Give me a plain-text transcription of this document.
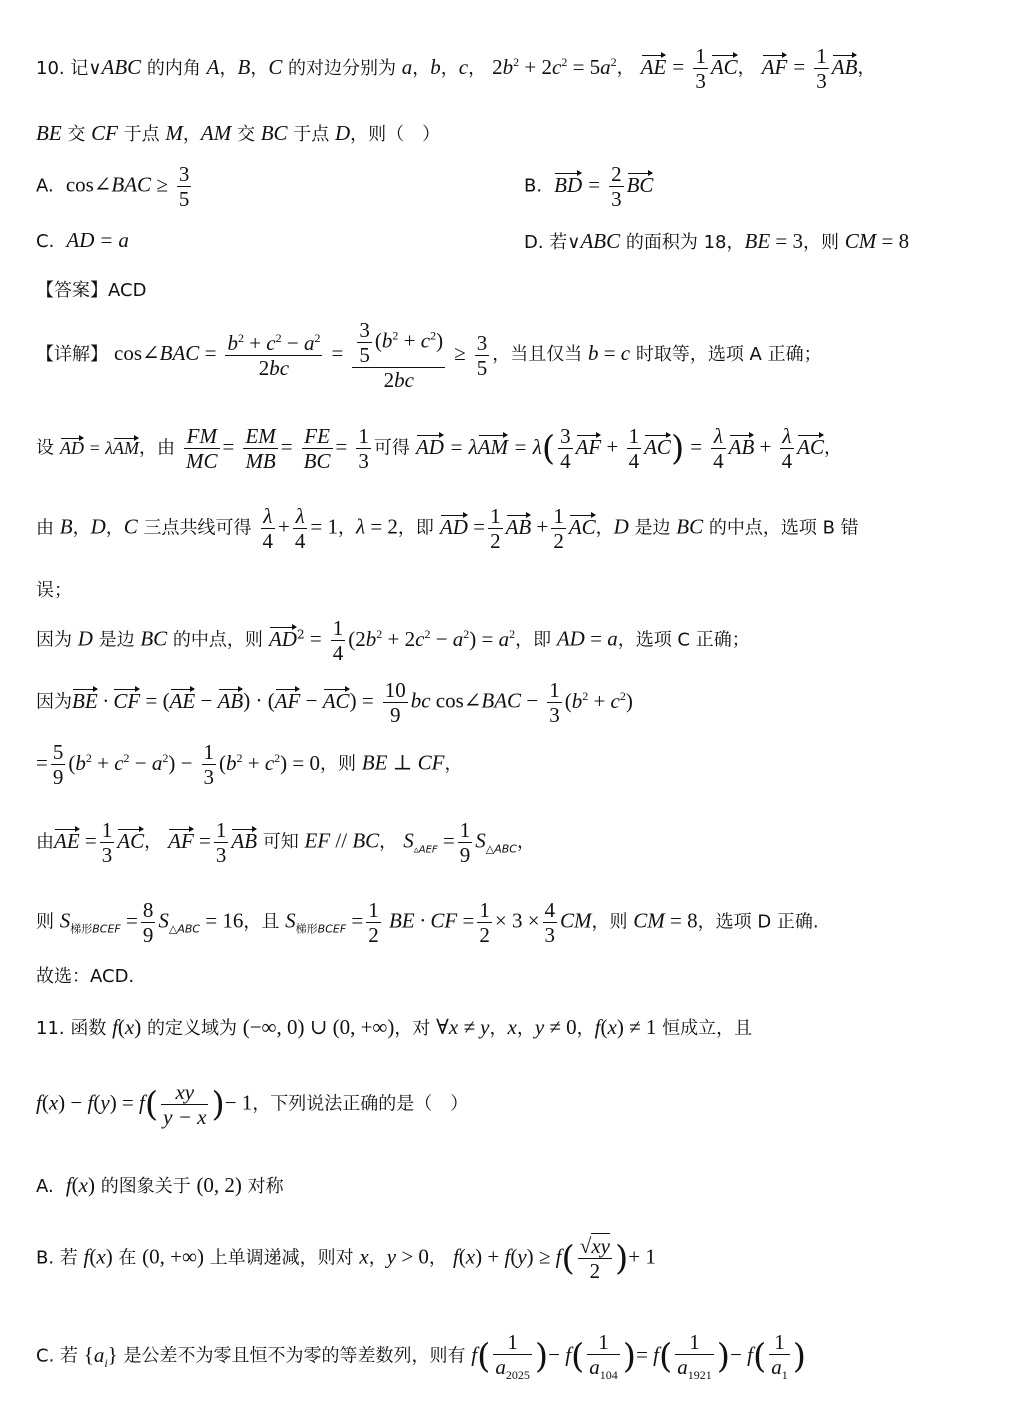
10. 记∨ABC 的内角 A，B，C 的对边分别为 a，b，c， $2b^2 + 2c^2 = 5a^2$， AE = $\frac{1}{3}$ AC， AF = $\frac{1}{3}$ AB，
BE 交 CF 于点 M，AM 交 BC 于点 D，则（　）
A. cos∠BAC ≥ $\frac{3}{5}$	B. BD = $\frac{2}{3}$ BC
C. AD = a	D. 若∨ABC 的面积为 18，BE = 3，则 CM = 8
【答案】ACD
【详解】 cos∠BAC = $\frac{b^2 + c^2 - a^2}{2bc} = \frac{\frac{3}{5} (b^2 + c^2)}{2bc} \ge \frac{3}{5}$ ，当且仅当 b = c 时取等，选项 A 正确；
设 AD = λAM，由 $\frac{FM}{MC} = \frac{EM}{MB} = \frac{FE}{BC} = \frac{1}{3}$ 可得 AD = $\lambda AM = \lambda( \frac{3}{4}$ AF + $\frac{1}{4} AC) = \frac{\lambda}{4}$ AB + $\frac{\lambda}{4}$ AC，
由 B，D，C 三点共线可得 $\frac{\lambda}{4} + \frac{\lambda}{4} = 1$，λ = 2，即 AD = $\frac{1}{2}$ AB + $\frac{1}{2}$ AC，D 是边 BC 的中点，选项 B 错
误；
因为 D 是边 BC 的中点，则 $AD^2 = \frac{1}{4} (2b^2 + 2c^2 - a^2) = a^2$，即 AD = a，选项 C 正确；
因为BE · CF = $(AE - AB) \cdot (AF - AC) = \frac{10}{9}$ bc cos∠BAC − $\frac{1}{3} (b^2 + c^2)$
= $\frac{5}{9} (b^2 + c^2 - a^2) - \frac{1}{3} (b^2 + c^2) = 0$，则 BE ⊥ CF，
由AE = $\frac{1}{3}$ AC， AF = $\frac{1}{3}$ AB 可知 EF // BC， $S_{▵AEF} = \frac{1}{9} S_{\triangle ABC}$，
则 $S_{梯形BCEF} = \frac{8}{9} S_{\triangle ABC} = 16$，且 $S_{梯形BCEF} = \frac{1}{2}$ BE · CF = $\frac{1}{2} \times 3 \times \frac{4}{3}$ CM，则 CM = 8，选项 D 正确.
故选：ACD.
11. 函数 f(x) 的定义域为 (−∞, 0) ∪ (0, +∞)，对 ∀x ≠ y，x，y ≠ 0，f(x) ≠ 1 恒成立，且
$f(x) - f(y) = f( \frac{xy}{y - x}$ )− 1，下列说法正确的是（　）
A. f(x) 的图象关于 (0, 2) 对称
B. 若 f(x) 在 (0, +∞) 上单调递减，则对 x，y > 0， $f(x) + f(y) \ge f( \frac{√xy}{2}$ )+ 1
C. 若 $\{a_i\}$ 是公差不为零且恒不为零的等差数列，则有 $f( \frac{1}{a_{2025}}$ )− $f( \frac{1}{a_{104}}$ )= $f( \frac{1}{a_{1921}}$ )− $f( \frac{1}{a_1}$ )
